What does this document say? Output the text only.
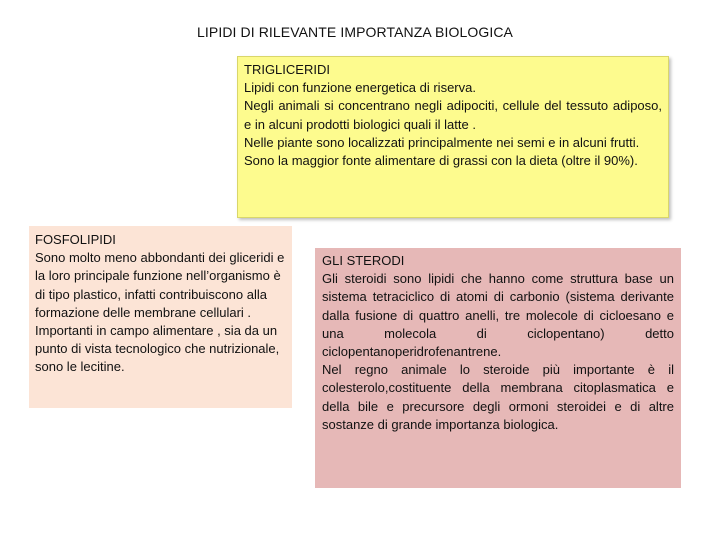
LIPIDI DI RILEVANTE IMPORTANZA BIOLOGICA
TRIGLICERIDI

Lipidi con funzione energetica di riserva.

Negli animali si concentrano negli adipociti, cellule del tessuto adiposo, e in alcuni prodotti biologici quali il latte .

Nelle piante sono localizzati principalmente nei semi e in alcuni frutti.

Sono la maggior fonte alimentare di grassi con la dieta (oltre il 90%).

FOSFOLIPIDI

Sono molto meno abbondanti dei gliceridi e la loro principale funzione nell’organismo è di tipo plastico, infatti contribuiscono alla formazione delle membrane cellulari .

Importanti in campo alimentare , sia da un punto di vista tecnologico che nutrizionale, sono le lecitine.

GLI STERODI

Gli steroidi sono lipidi che hanno come struttura base un sistema tetraciclico di atomi di carbonio (sistema derivante dalla fusione di quattro anelli, tre molecole di cicloesano e una molecola di ciclopentano) detto ciclopentanoperidrofenantrene.

Nel regno animale lo steroide più importante è il colesterolo,costituente della membrana citoplasmatica e della bile e precursore degli ormoni steroidei e di altre sostanze di grande importanza biologica.
